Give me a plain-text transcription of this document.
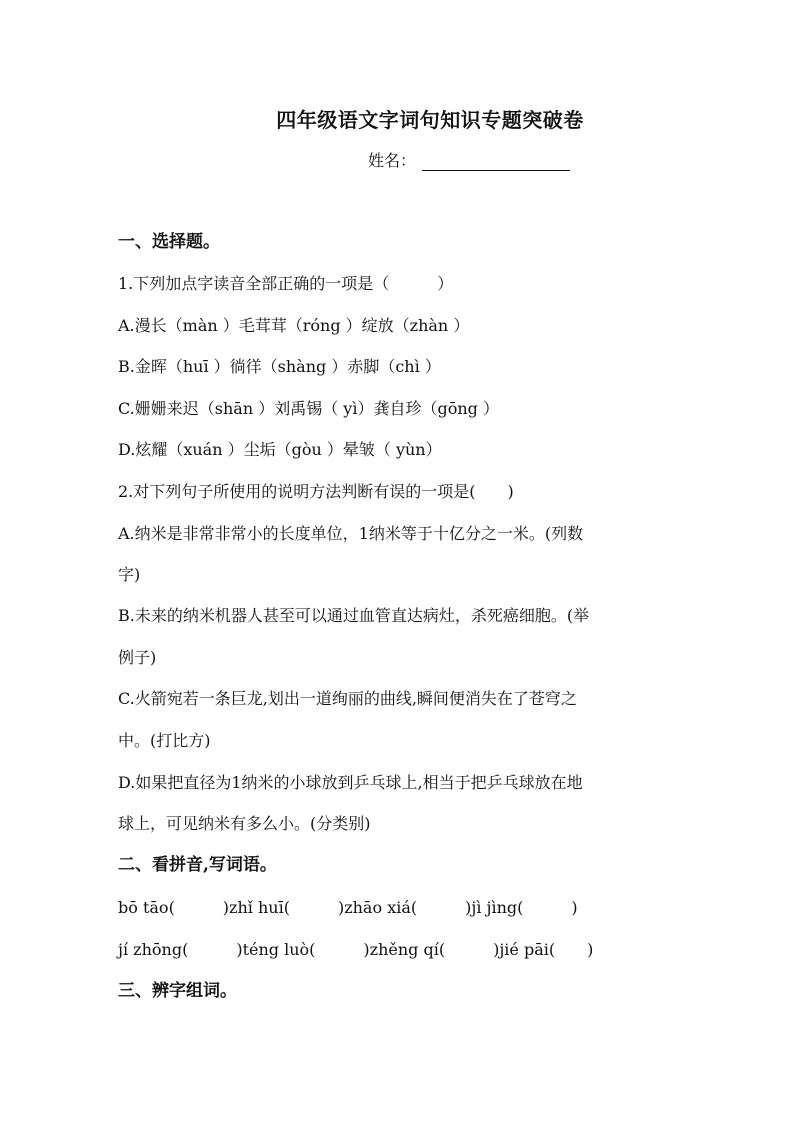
四年级语文字词句知识专题突破卷
姓名：
一、选择题。
1.下列加点字读音全部正确的一项是（　　　）
A.漫长（màn ）毛茸茸（róng ）绽放（zhàn ）
B.金晖（huī ）徜徉（shàng ）赤脚（chì ）
C.姗姗来迟（shān ）刘禹锡（ yì）龚自珍（gōng ）
D.炫耀（xuán ）尘垢（gòu ）晕皱（ yùn）
2.对下列句子所使用的说明方法判断有误的一项是(　　)
A.纳米是非常非常小的长度单位，1纳米等于十亿分之一米。(列数
字)
B.未来的纳米机器人甚至可以通过血管直达病灶，杀死癌细胞。(举
例子)
C.火箭宛若一条巨龙,划出一道绚丽的曲线,瞬间便消失在了苍穹之
中。(打比方)
D.如果把直径为1纳米的小球放到乒乓球上,相当于把乒乓球放在地
球上，可见纳米有多么小。(分类别)
二、看拼音,写词语。
bō tāo(　　　)zhǐ huī(　　　)zhāo xiá(　　　)jì jìng(　　　)
jí zhōng(　　　)téng luò(　　　)zhěng qí(　　　)jié pāi(　　)
三、辨字组词。
